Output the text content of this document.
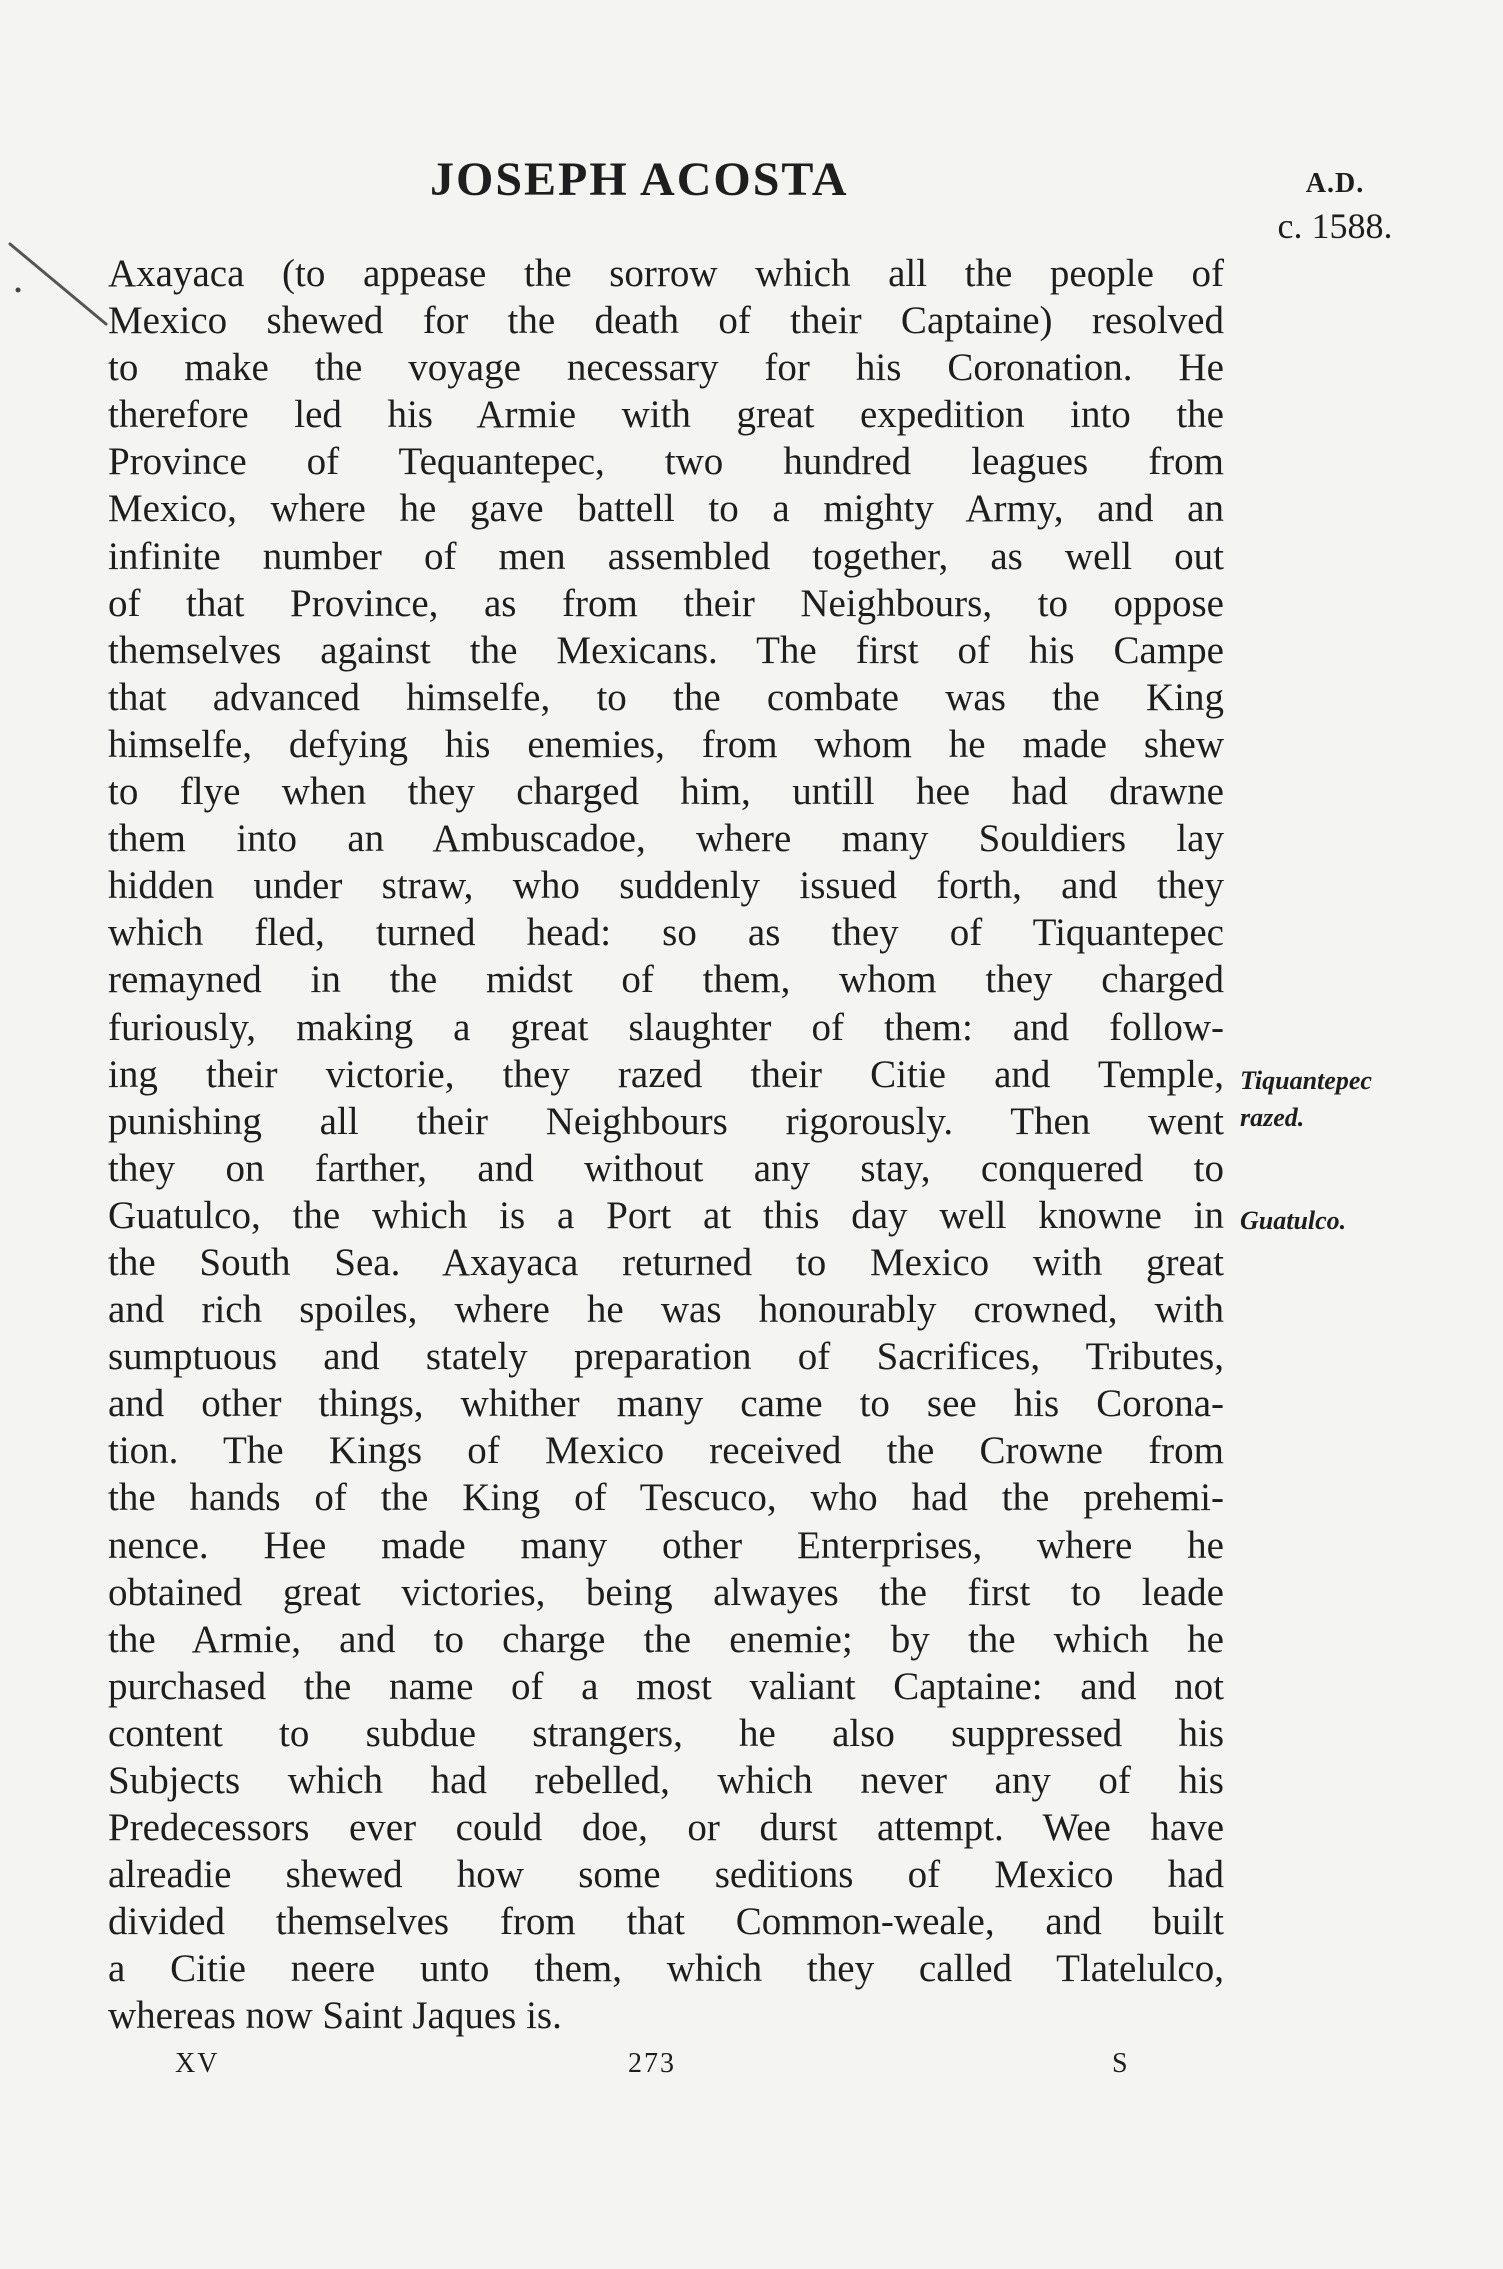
JOSEPH ACOSTA	A.D.
c. 1588.
Axayaca (to appease the sorrow which all the people of
Mexico shewed for the death of their Captaine) resolved
to make the voyage necessary for his Coronation. He
therefore led his Armie with great expedition into the
Province of Tequantepec, two hundred leagues from
Mexico, where he gave battell to a mighty Army, and an
infinite number of men assembled together, as well out
of that Province, as from their Neighbours, to oppose
themselves against the Mexicans. The first of his Campe
that advanced himselfe, to the combate was the King
himselfe, defying his enemies, from whom he made shew
to flye when they charged him, untill hee had drawne
them into an Ambuscadoe, where many Souldiers lay
hidden under straw, who suddenly issued forth, and they
which fled, turned head: so as they of Tiquantepec
remayned in the midst of them, whom they charged
furiously, making a great slaughter of them: and follow-
ing their victorie, they razed their Citie and Temple,
punishing all their Neighbours rigorously. Then went
they on farther, and without any stay, conquered to
Guatulco, the which is a Port at this day well knowne in
the South Sea. Axayaca returned to Mexico with great
and rich spoiles, where he was honourably crowned, with
sumptuous and stately preparation of Sacrifices, Tributes,
and other things, whither many came to see his Corona-
tion. The Kings of Mexico received the Crowne from
the hands of the King of Tescuco, who had the prehemi-
nence. Hee made many other Enterprises, where he
obtained great victories, being alwayes the first to leade
the Armie, and to charge the enemie; by the which he
purchased the name of a most valiant Captaine: and not
content to subdue strangers, he also suppressed his
Subjects which had rebelled, which never any of his
Predecessors ever could doe, or durst attempt. Wee have
alreadie shewed how some seditions of Mexico had
divided themselves from that Common-weale, and built
a Citie neere unto them, which they called Tlatelulco,
whereas now Saint Jaques is.
Tiquantepec
razed.
Guatulco.
XV	273	S
